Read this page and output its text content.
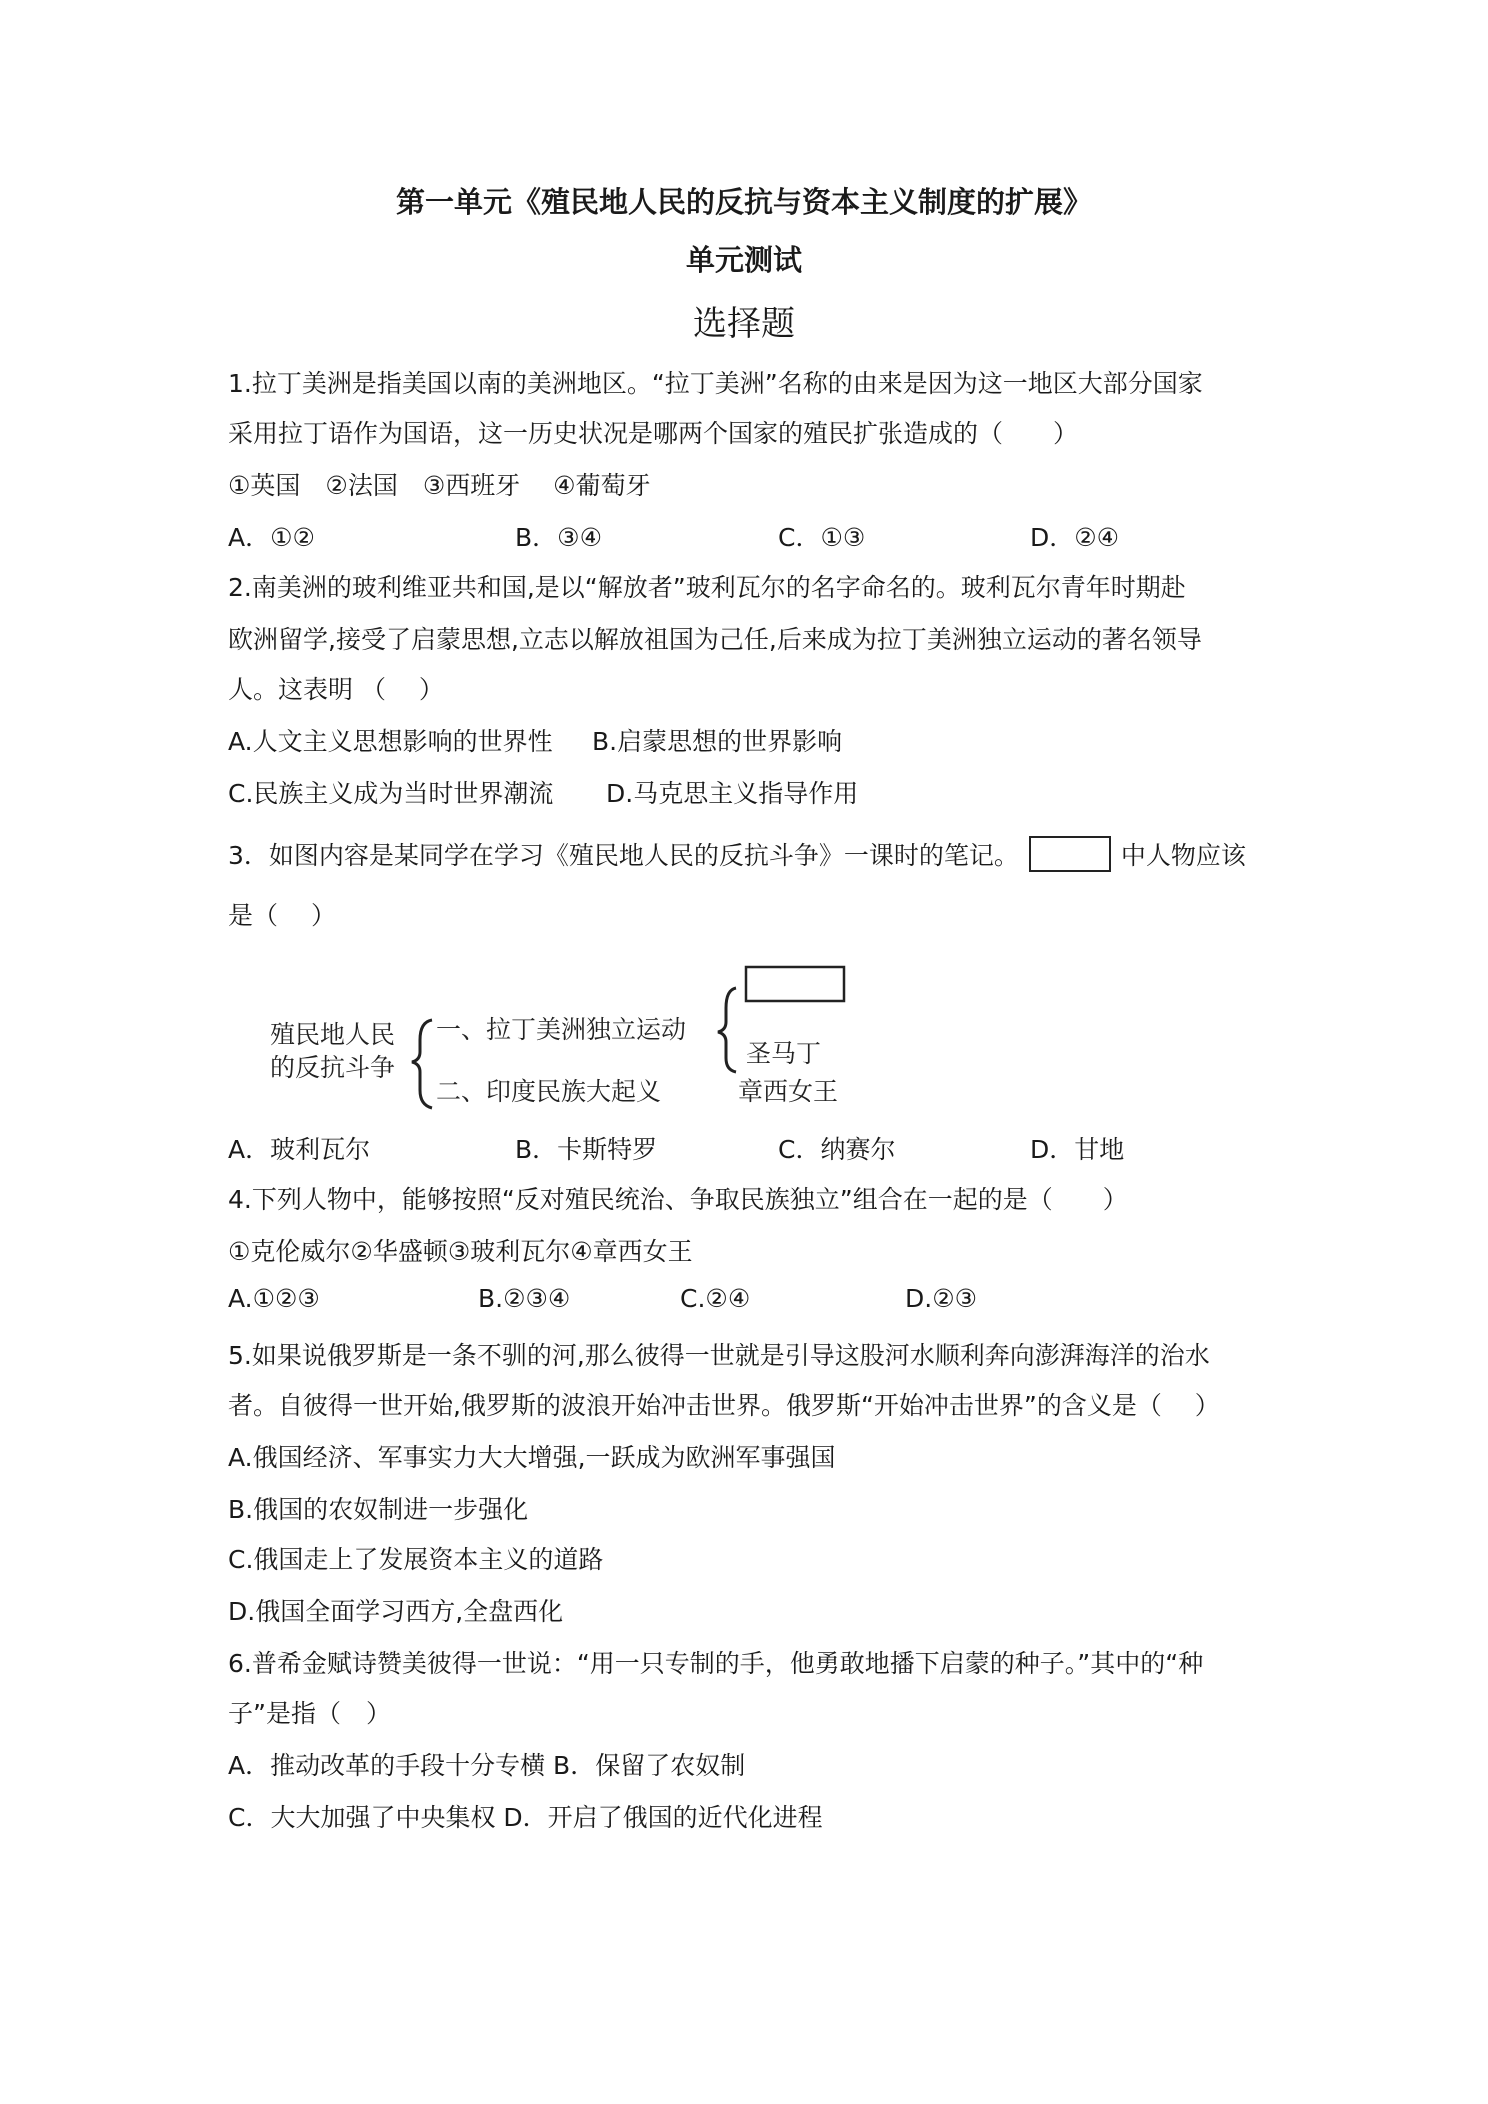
第一单元《殖民地人民的反抗与资本主义制度的扩展》
单元测试
选择题
1.拉丁美洲是指美国以南的美洲地区。“拉丁美洲”名称的由来是因为这一地区大部分国家
采用拉丁语作为国语，这一历史状况是哪两个国家的殖民扩张造成的（　　）
①英国　②法国　③西班牙　 ④葡萄牙
A．①②	B．③④	C．①③	D．②④
2.南美洲的玻利维亚共和国,是以“解放者”玻利瓦尔的名字命名的。玻利瓦尔青年时期赴
欧洲留学,接受了启蒙思想,立志以解放祖国为己任,后来成为拉丁美洲独立运动的著名领导
人。这表明 （　 ）
A.人文主义思想影响的世界性 B.启蒙思想的世界影响
C.民族主义成为当时世界潮流 D.马克思主义指导作用
3．如图内容是某同学在学习《殖民地人民的反抗斗争》一课时的笔记。	中人物应该
是（　 ）
殖民地人民
的反抗斗争
一、拉丁美洲独立运动
二、印度民族大起义
圣马丁
章西女王
A．玻利瓦尔	B．卡斯特罗	C．纳赛尔	D．甘地
4.下列人物中，能够按照“反对殖民统治、争取民族独立”组合在一起的是（　　）
①克伦威尔②华盛顿③玻利瓦尔④章西女王
A.①②③	B.②③④	C.②④	D.②③
5.如果说俄罗斯是一条不驯的河,那么彼得一世就是引导这股河水顺利奔向澎湃海洋的治水
者。自彼得一世开始,俄罗斯的波浪开始冲击世界。俄罗斯“开始冲击世界”的含义是（　 ）
A.俄国经济、军事实力大大增强,一跃成为欧洲军事强国
B.俄国的农奴制进一步强化
C.俄国走上了发展资本主义的道路
D.俄国全面学习西方,全盘西化
6.普希金赋诗赞美彼得一世说：“用一只专制的手，他勇敢地播下启蒙的种子。”其中的“种
子”是指（　）
A．推动改革的手段十分专横 B．保留了农奴制
C．大大加强了中央集权 D．开启了俄国的近代化进程
